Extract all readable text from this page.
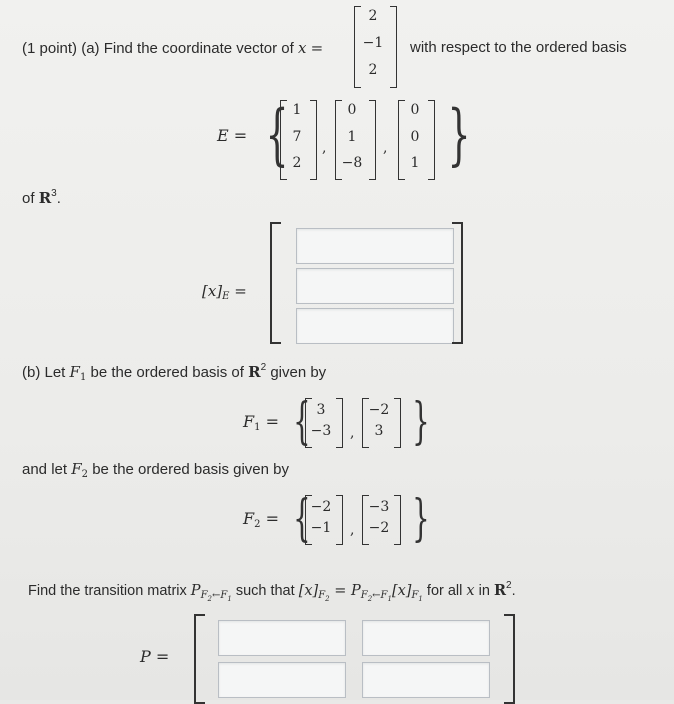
(1 point) (a) Find the coordinate vector of x =
2
−1
2
with respect to the ordered basis
E = { 1
7
2
,
0
1
−8
,
0
0
1 }
of $R^3$.
$[x]_E$ =
(b) Let $F_1$ be the ordered basis of $R^2$ given by
$F_1$ = { 3
−3 ,
−2
3 }
and let $F_2$ be the ordered basis given by
$F_2$ = { −2
−1 ,
−3
−2 }
Find the transition matrix $P_{F_2\leftarrow F_1}$ such that $[x]_{F_2} = P_{F_2\leftarrow F_1}[x]_{F_1}$ for all x in $R^2$.
P =
